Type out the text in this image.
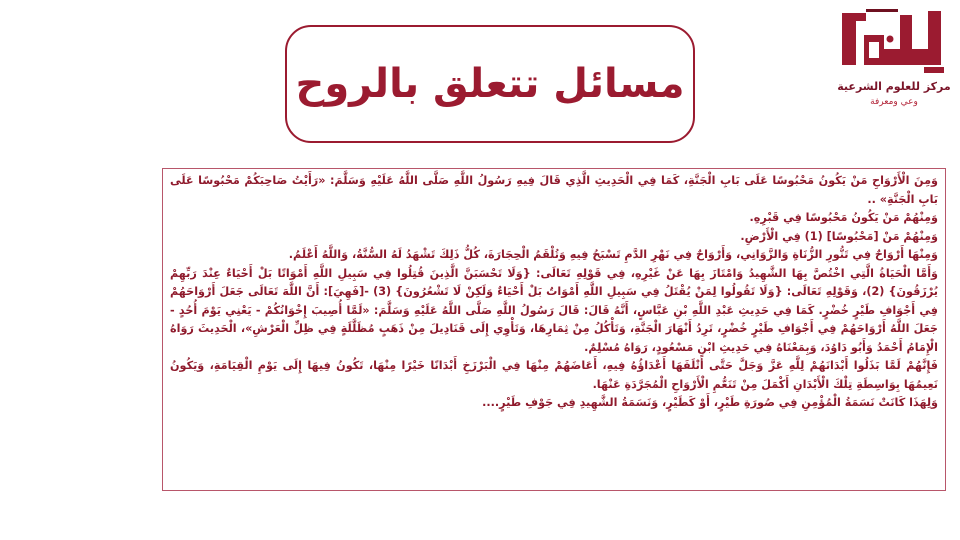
مركز للعلوم الشرعية
وعي ومعرفة
مسائل تتعلق بالروح

وَمِنَ الْأَرْوَاحِ مَنْ يَكُونُ مَحْبُوسًا عَلَى بَابِ الْجَنَّةِ، كَمَا فِي الْحَدِيثِ الَّذِي قَالَ فِيهِ رَسُولُ اللَّهِ صَلَّى اللَّهُ عَلَيْهِ وَسَلَّمَ: «رَأَيْتُ صَاحِبَكُمْ مَحْبُوسًا عَلَى بَابِ الْجَنَّةِ» ..

وَمِنْهُمْ مَنْ يَكُونُ مَحْبُوسًا فِي قَبْرِهِ.

وَمِنْهُمْ مَنْ [مَحْبُوسًا] (1) فِي الْأَرْضِ.

وَمِنْهَا أَرْوَاحٌ فِي تَنُّورِ الزُّنَاةِ وَالزَّوَانِي، وَأَرْوَاحٌ فِي نَهْرِ الدَّمِ تَسْبَحُ فِيهِ وَتُلْقَمُ الْحِجَارَةَ، كُلُّ ذَلِكَ تَشْهَدُ لَهُ السُّنَّةُ، وَاللَّهُ أَعْلَمُ.

وَأَمَّا الْحَيَاةُ الَّتِي اخْتُصَّ بِهَا الشَّهِيدُ وَامْتَازَ بِهَا عَنْ غَيْرِهِ، فِي قَوْلِهِ تَعَالَى: {وَلَا تَحْسَبَنَّ الَّذِينَ قُتِلُوا فِي سَبِيلِ اللَّهِ أَمْوَاتًا بَلْ أَحْيَاءٌ عِنْدَ رَبِّهِمْ يُرْزَقُونَ} (2)، وَقَوْلِهِ تَعَالَى: {وَلَا تَقُولُوا لِمَنْ يُقْتَلُ فِي سَبِيلِ اللَّهِ أَمْوَاتٌ بَلْ أَحْيَاءٌ وَلَكِنْ لَا تَشْعُرُونَ} (3) -[فَهِيَ]: أَنَّ اللَّهَ تَعَالَى جَعَلَ أَرْوَاحَهُمْ فِي أَجْوَافِ طَيْرٍ خُضْرٍ. كَمَا فِي حَدِيثِ عَبْدِ اللَّهِ بْنِ عَبَّاسٍ، أَنَّهُ قَالَ: قَالَ رَسُولُ اللَّهِ صَلَّى اللَّهُ عَلَيْهِ وَسَلَّمَ: «لَمَّا أُصِيبَ إِخْوَانُكُمْ - يَعْنِي يَوْمَ أُحُدٍ - جَعَلَ اللَّهُ أَرْوَاحَهُمْ فِي أَجْوَافِ طَيْرٍ خُضْرٍ، تَرِدُ أَنْهَارَ الْجَنَّةِ، وَتَأْكُلُ مِنْ ثِمَارِهَا، وَتَأْوِي إِلَى قَنَادِيلَ مِنْ ذَهَبٍ مُظَلَّلَةٍ فِي ظِلِّ الْعَرْشِ»، الْحَدِيثَ رَوَاهُ الْإِمَامُ أَحْمَدُ وَأَبُو دَاوُدَ، وَبِمَعْنَاهُ فِي حَدِيثِ ابْنِ مَسْعُودٍ، رَوَاهُ مُسْلِمٌ.

فَإِنَّهُمْ لَمَّا بَذَلُوا أَبْدَانَهُمْ لِلَّهِ عَزَّ وَجَلَّ حَتَّى أَتْلَفَهَا أَعْدَاؤُهُ فِيهِ، أَعَاضَهُمْ مِنْهَا فِي الْبَرْزَخِ أَبْدَانًا خَيْرًا مِنْهَا، تَكُونُ فِيهَا إِلَى يَوْمِ الْقِيَامَةِ، وَيَكُونُ نَعِيمُهَا بِوَاسِطَةِ تِلْكَ الْأَبْدَانِ أَكْمَلَ مِنْ تَنَعُّمِ الْأَرْوَاحِ الْمُجَرَّدَةِ عَنْهَا.

وَلِهَذَا كَانَتْ نَسَمَةُ الْمُؤْمِنِ فِي صُورَةِ طَيْرٍ، أَوْ كَطَيْرٍ، وَنَسَمَةُ الشَّهِيدِ فِي جَوْفِ طَيْرٍ....
